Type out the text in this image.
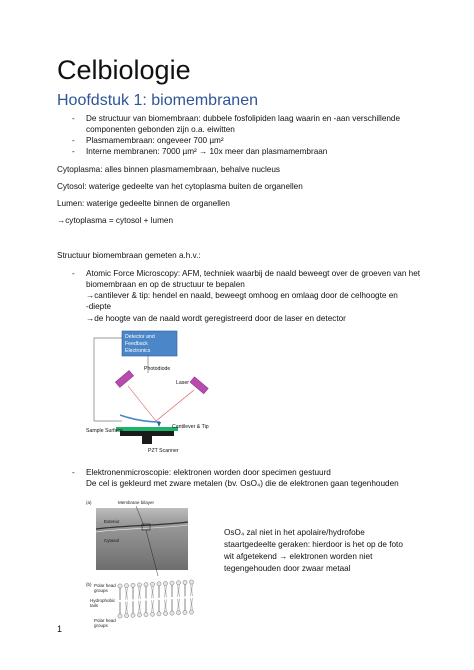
Celbiologie
Hoofdstuk 1: biomembranen
- De structuur van biomembraan: dubbele fosfolipiden laag waarin en -aan verschillende
componenten gebonden zijn o.a. eiwitten
- Plasmamembraan: ongeveer 700 µm²
- Interne membranen: 7000 µm² → 10x meer dan plasmamembraan
Cytoplasma: alles binnen plasmamembraan, behalve nucleus
Cytosol: waterige gedeelte van het cytoplasma buiten de organellen
Lumen: waterige gedeelte binnen de organellen
→cytoplasma = cytosol + lumen
Structuur biomembraan gemeten a.h.v.:
- Atomic Force Microscopy: AFM, techniek waarbij de naald beweegt over de groeven van het
biomembraan en op de structuur te bepalen
→cantilever & tip: hendel en naald, beweegt omhoog en omlaag door de celhoogte en
-diepte
→de hoogte van de naald wordt geregistreerd door de laser en detector
Detector and
Feedback
Electronics
Photodiode
Laser
Sample Surface
Cantilever & Tip
PZT Scanner
- Elektronenmicroscopie: elektronen worden door specimen gestuurd
De cel is gekleurd met zware metalen (bv. OsO₄) die de elektronen gaan tegenhouden
(a)	Membrane bilayer
Exterior
Cytosol
(b) Polar head
groups
Hydrophobic
tails
Polar head
groups
OsO₄ zal niet in het apolaire/hydrofobe
staartgedeelte geraken: hierdoor is het op de foto
wit afgetekend → elektronen worden niet
tegengehouden door zwaar metaal
1
